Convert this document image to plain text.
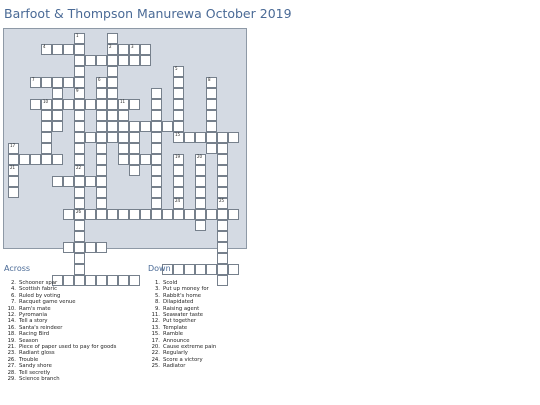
Barfoot & Thompson Manurewa October 2019
4
7
10	11
26
2	3
15
1
9
22
5
8
19
24
20
25
17
21
6
Across
2. Schooner spar
4. Scottish fabric
6. Ruled by voting
7. Racquet game venue
10. Ram's mate
12. Pyromania
14. Tell a story
16. Santa's reindeer
18. Racing Bird
19. Season
21. Piece of paper used to pay for goods
23. Radiant gloss
26. Trouble
27. Sandy shore
28. Tell secretly
29. Science branch
Down
1. Scold
3. Put up money for
5. Rabbit's home
8. Dilapidated
9. Raising agent
11. Seawater taste
12. Put together
13. Template
15. Ramble
17. Announce
20. Cause extreme pain
22. Regularly
24. Score a victory
25. Radiator
